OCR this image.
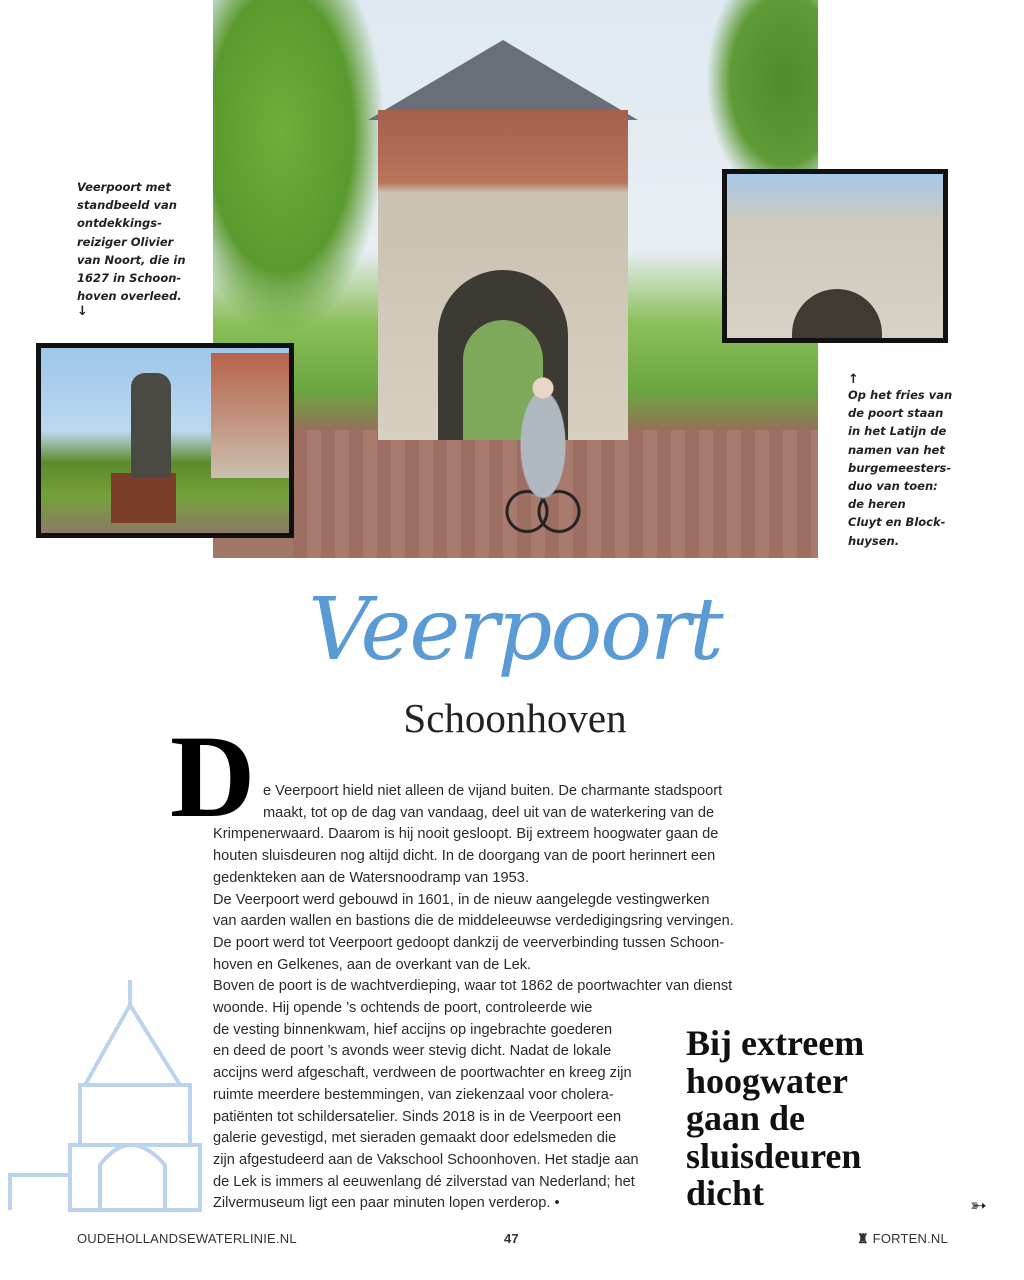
Veerpoort met
standbeeld van
ontdekkings-
reiziger Olivier
van Noort, die in
1627 in Schoon-
hoven overleed.
↓
↑
Op het fries van
de poort staan
in het Latijn de
namen van het
burgemeesters-
duo van toen:
de heren
Cluyt en Block-
huysen.
Veerpoort
Schoonhoven
D e Veerpoort hield niet alleen de vijand buiten. De charmante stadspoort
maakt, tot op de dag van vandaag, deel uit van de waterkering van de
Krimpenerwaard. Daarom is hij nooit gesloopt. Bij extreem hoogwater gaan de
houten sluisdeuren nog altijd dicht. In de doorgang van de poort herinnert een
gedenkteken aan de Watersnoodramp van 1953.
De Veerpoort werd gebouwd in 1601, in de nieuw aangelegde vestingwerken
van aarden wallen en bastions die de middeleeuwse verdedigingsring vervingen.
De poort werd tot Veerpoort gedoopt dankzij de veerverbinding tussen Schoon-
hoven en Gelkenes, aan de overkant van de Lek.
Boven de poort is de wachtverdieping, waar tot 1862 de poortwachter van dienst
woonde. Hij opende ’s ochtends de poort, controleerde wie
de vesting binnenkwam, hief accijns op ingebrachte goederen
en deed de poort ’s avonds weer stevig dicht. Nadat de lokale
accijns werd afgeschaft, verdween de poortwachter en kreeg zijn
ruimte meerdere bestemmingen, van ziekenzaal voor cholera-
patiënten tot schildersatelier. Sinds 2018 is in de Veerpoort een
galerie gevestigd, met sieraden gemaakt door edelsmeden die
zijn afgestudeerd aan de Vakschool Schoonhoven. Het stadje aan
de Lek is immers al eeuwenlang dé zilverstad van Nederland; het
Zilvermuseum ligt een paar minuten lopen verderop. •
Bij extreem
hoogwater
gaan de
sluisdeuren
dicht	➳
OUDEHOLLANDSEWATERLINIE.NL	47	♜ FORTEN.NL
